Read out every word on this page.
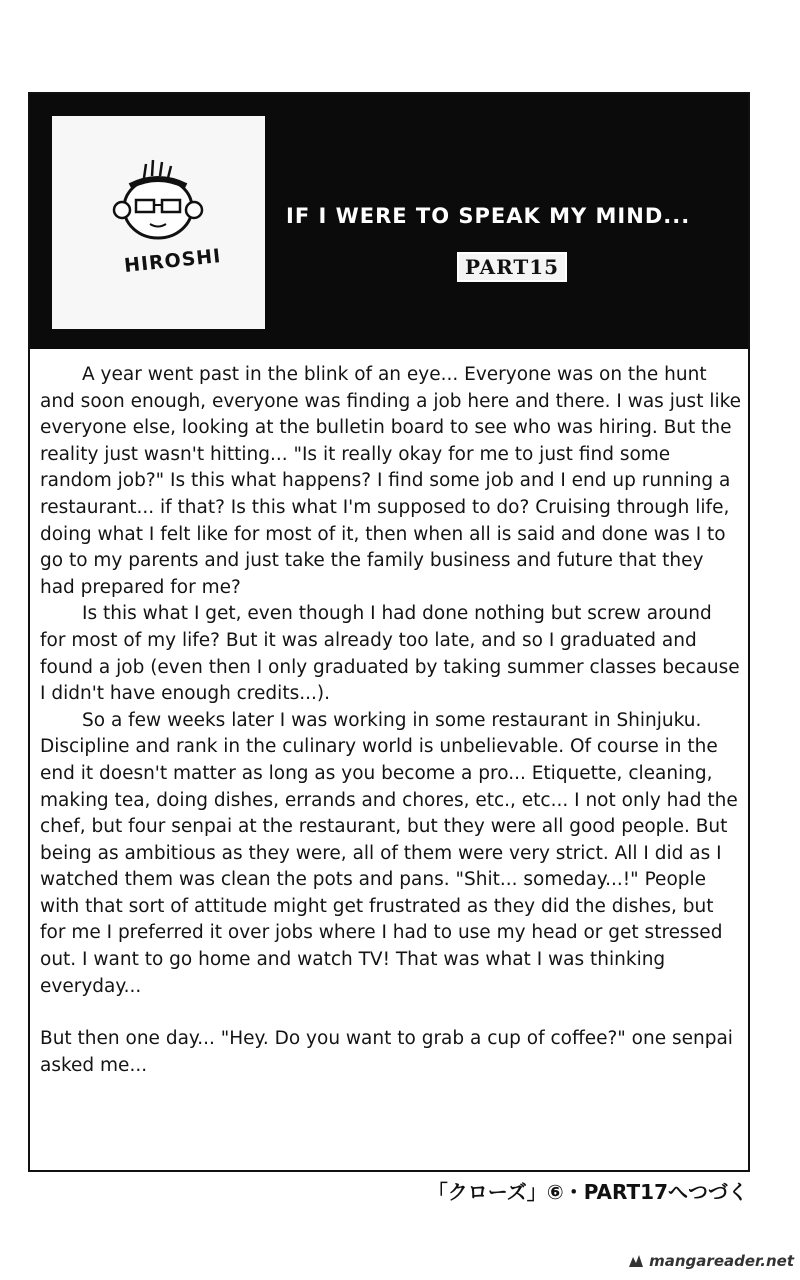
HIROSHI
IF I WERE TO SPEAK MY MIND...
PART15

A year went past in the blink of an eye... Everyone was on the hunt and soon enough, everyone was finding a job here and there. I was just like everyone else, looking at the bulletin board to see who was hiring. But the reality just wasn't hitting... "Is it really okay for me to just find some random job?" Is this what happens? I find some job and I end up running a restaurant... if that? Is this what I'm supposed to do? Cruising through life, doing what I felt like for most of it, then when all is said and done was I to go to my parents and just take the family business and future that they had prepared for me?

Is this what I get, even though I had done nothing but screw around for most of my life? But it was already too late, and so I graduated and found a job (even then I only graduated by taking summer classes because I didn't have enough credits...).

So a few weeks later I was working in some restaurant in Shinjuku. Discipline and rank in the culinary world is unbelievable. Of course in the end it doesn't matter as long as you become a pro... Etiquette, cleaning, making tea, doing dishes, errands and chores, etc., etc... I not only had the chef, but four senpai at the restaurant, but they were all good people. But being as ambitious as they were, all of them were very strict. All I did as I watched them was clean the pots and pans. "Shit... someday...!" People with that sort of attitude might get frustrated as they did the dishes, but for me I preferred it over jobs where I had to use my head or get stressed out. I want to go home and watch TV! That was what I was thinking everyday...

But then one day... "Hey. Do you want to grab a cup of coffee?" one senpai asked me...

「クローズ」⑥・PART17へつづく
mangareader.net
